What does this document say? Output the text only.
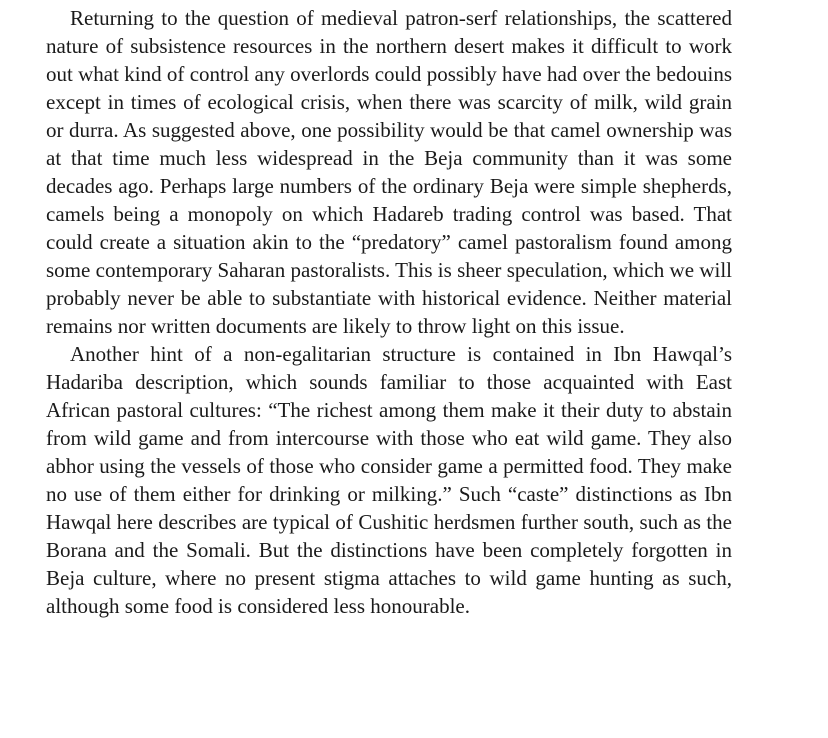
Returning to the question of medieval patron-serf relationships, the scattered nature of subsistence resources in the northern desert makes it difficult to work out what kind of control any overlords could possibly have had over the bedouins except in times of ecological crisis, when there was scarcity of milk, wild grain or durra. As suggested above, one possibility would be that camel ownership was at that time much less widespread in the Beja community than it was some decades ago. Perhaps large numbers of the ordinary Beja were simple shepherds, camels being a monopoly on which Hadareb trading control was based. That could create a situation akin to the “predatory” camel pastoralism found among some contemporary Saharan pastoralists. This is sheer speculation, which we will probably never be able to substantiate with historical evidence. Neither material remains nor written documents are likely to throw light on this issue.

Another hint of a non-egalitarian structure is contained in Ibn Hawqal’s Hadariba description, which sounds familiar to those acquainted with East African pastoral cultures: “The richest among them make it their duty to abstain from wild game and from intercourse with those who eat wild game. They also abhor using the vessels of those who consider game a permitted food. They make no use of them either for drinking or milking.” Such “caste” distinctions as Ibn Hawqal here describes are typical of Cushitic herdsmen further south, such as the Borana and the Somali. But the distinctions have been completely forgotten in Beja culture, where no present stigma attaches to wild game hunting as such, although some food is considered less honourable.
